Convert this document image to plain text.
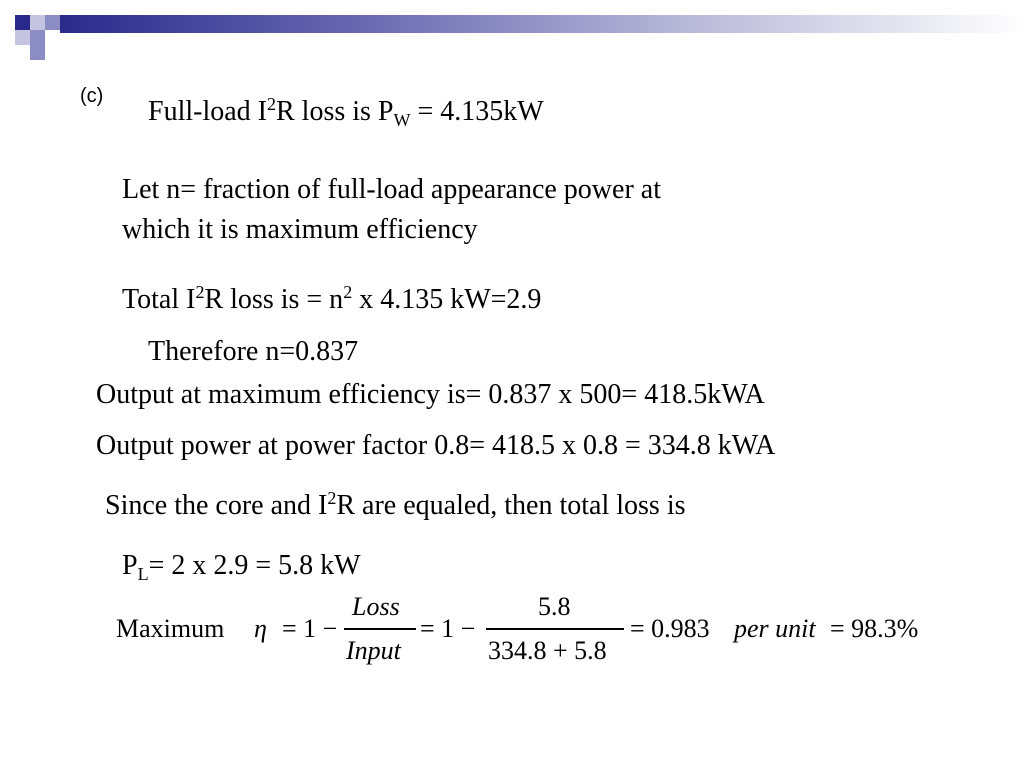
(c) Full-load $I^2R$ loss is $P_W = 4.135kW$
Let n= fraction of full-load appearance power at
which it is maximum efficiency
Total $I^2R$ loss is = $n^2$ x 4.135 kW=2.9
Therefore n=0.837
Output at maximum efficiency is= 0.837 x 500= 418.5kWA
Output power at power factor 0.8= 418.5 x 0.8 = 334.8 kWA
Since the core and $I^2R$ are equaled, then total loss is
$P_L= 2$ x 2.9 = 5.8 kW
Maximum η = 1 −
Loss
Input
= 1 −
5.8
334.8 + 5.8
= 0.983 per unit = 98.3%
